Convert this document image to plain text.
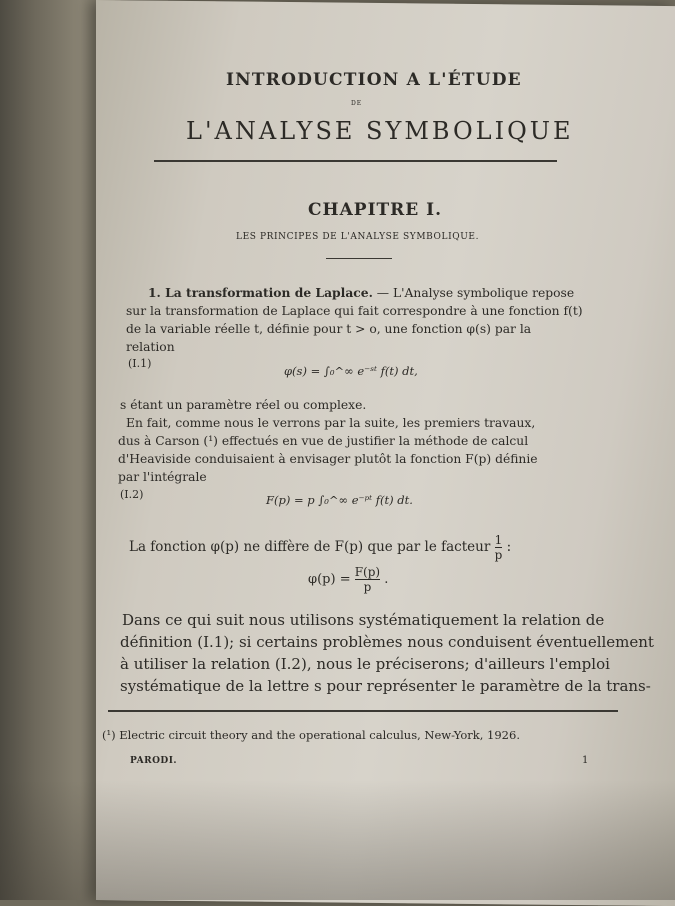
INTRODUCTION A L'ÉTUDE
DE
L'ANALYSE SYMBOLIQUE
CHAPITRE I.
LES PRINCIPES DE L'ANALYSE SYMBOLIQUE.
1. La transformation de Laplace. — L'Analyse symbolique repose
sur la transformation de Laplace qui fait correspondre à une fonction f(t)
de la variable réelle t, définie pour t > o, une fonction φ(s) par la
relation
(I.1)
φ(s) = ∫₀^∞ e⁻ˢᵗ f(t) dt,
s étant un paramètre réel ou complexe.
En fait, comme nous le verrons par la suite, les premiers travaux,
dus à Carson (¹) effectués en vue de justifier la méthode de calcul
d'Heaviside conduisaient à envisager plutôt la fonction F(p) définie
par l'intégrale
(I.2)	F(p) = p ∫₀^∞ e⁻ᵖᵗ f(t) dt.
La fonction φ(p) ne diffère de F(p) que par le facteur $\frac{1}{p}$ :
$\varphi(p) = \frac{F(p)}{p}$ .
Dans ce qui suit nous utilisons systématiquement la relation de
définition (I.1); si certains problèmes nous conduisent éventuellement
à utiliser la relation (I.2), nous le préciserons; d'ailleurs l'emploi
systématique de la lettre s pour représenter le paramètre de la trans-
(¹) Electric circuit theory and the operational calculus, New-York, 1926.
PARODI.	1
